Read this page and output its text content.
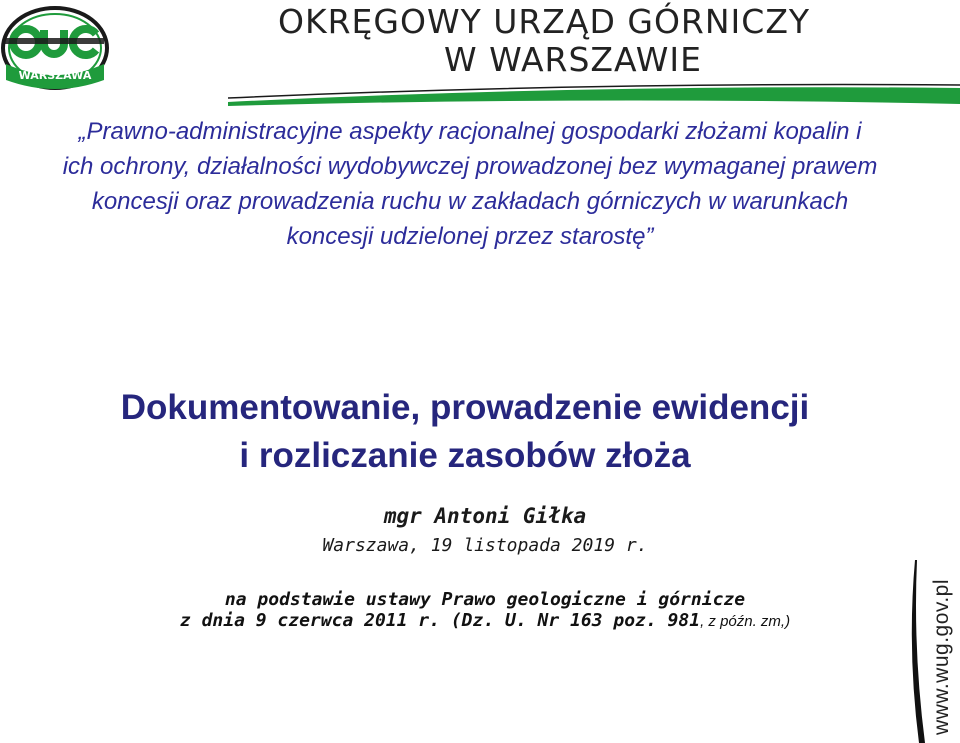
WARSZAWA
OKRĘGOWY URZĄD GÓRNICZY
W WARSZAWIE
„Prawno-administracyjne aspekty racjonalnej gospodarki złożami kopalin i ich ochrony, działalności wydobywczej prowadzonej bez wymaganej prawem koncesji oraz prowadzenia ruchu w zakładach górniczych w warunkach koncesji udzielonej przez starostę”
Dokumentowanie, prowadzenie ewidencji
i rozliczanie zasobów złoża
mgr Antoni Giłka
Warszawa, 19 listopada 2019 r.
na podstawie ustawy Prawo geologiczne i górnicze
z dnia 9 czerwca 2011 r. (Dz. U. Nr 163 poz. 981, z późn. zm,)	www.wug.gov.pl
